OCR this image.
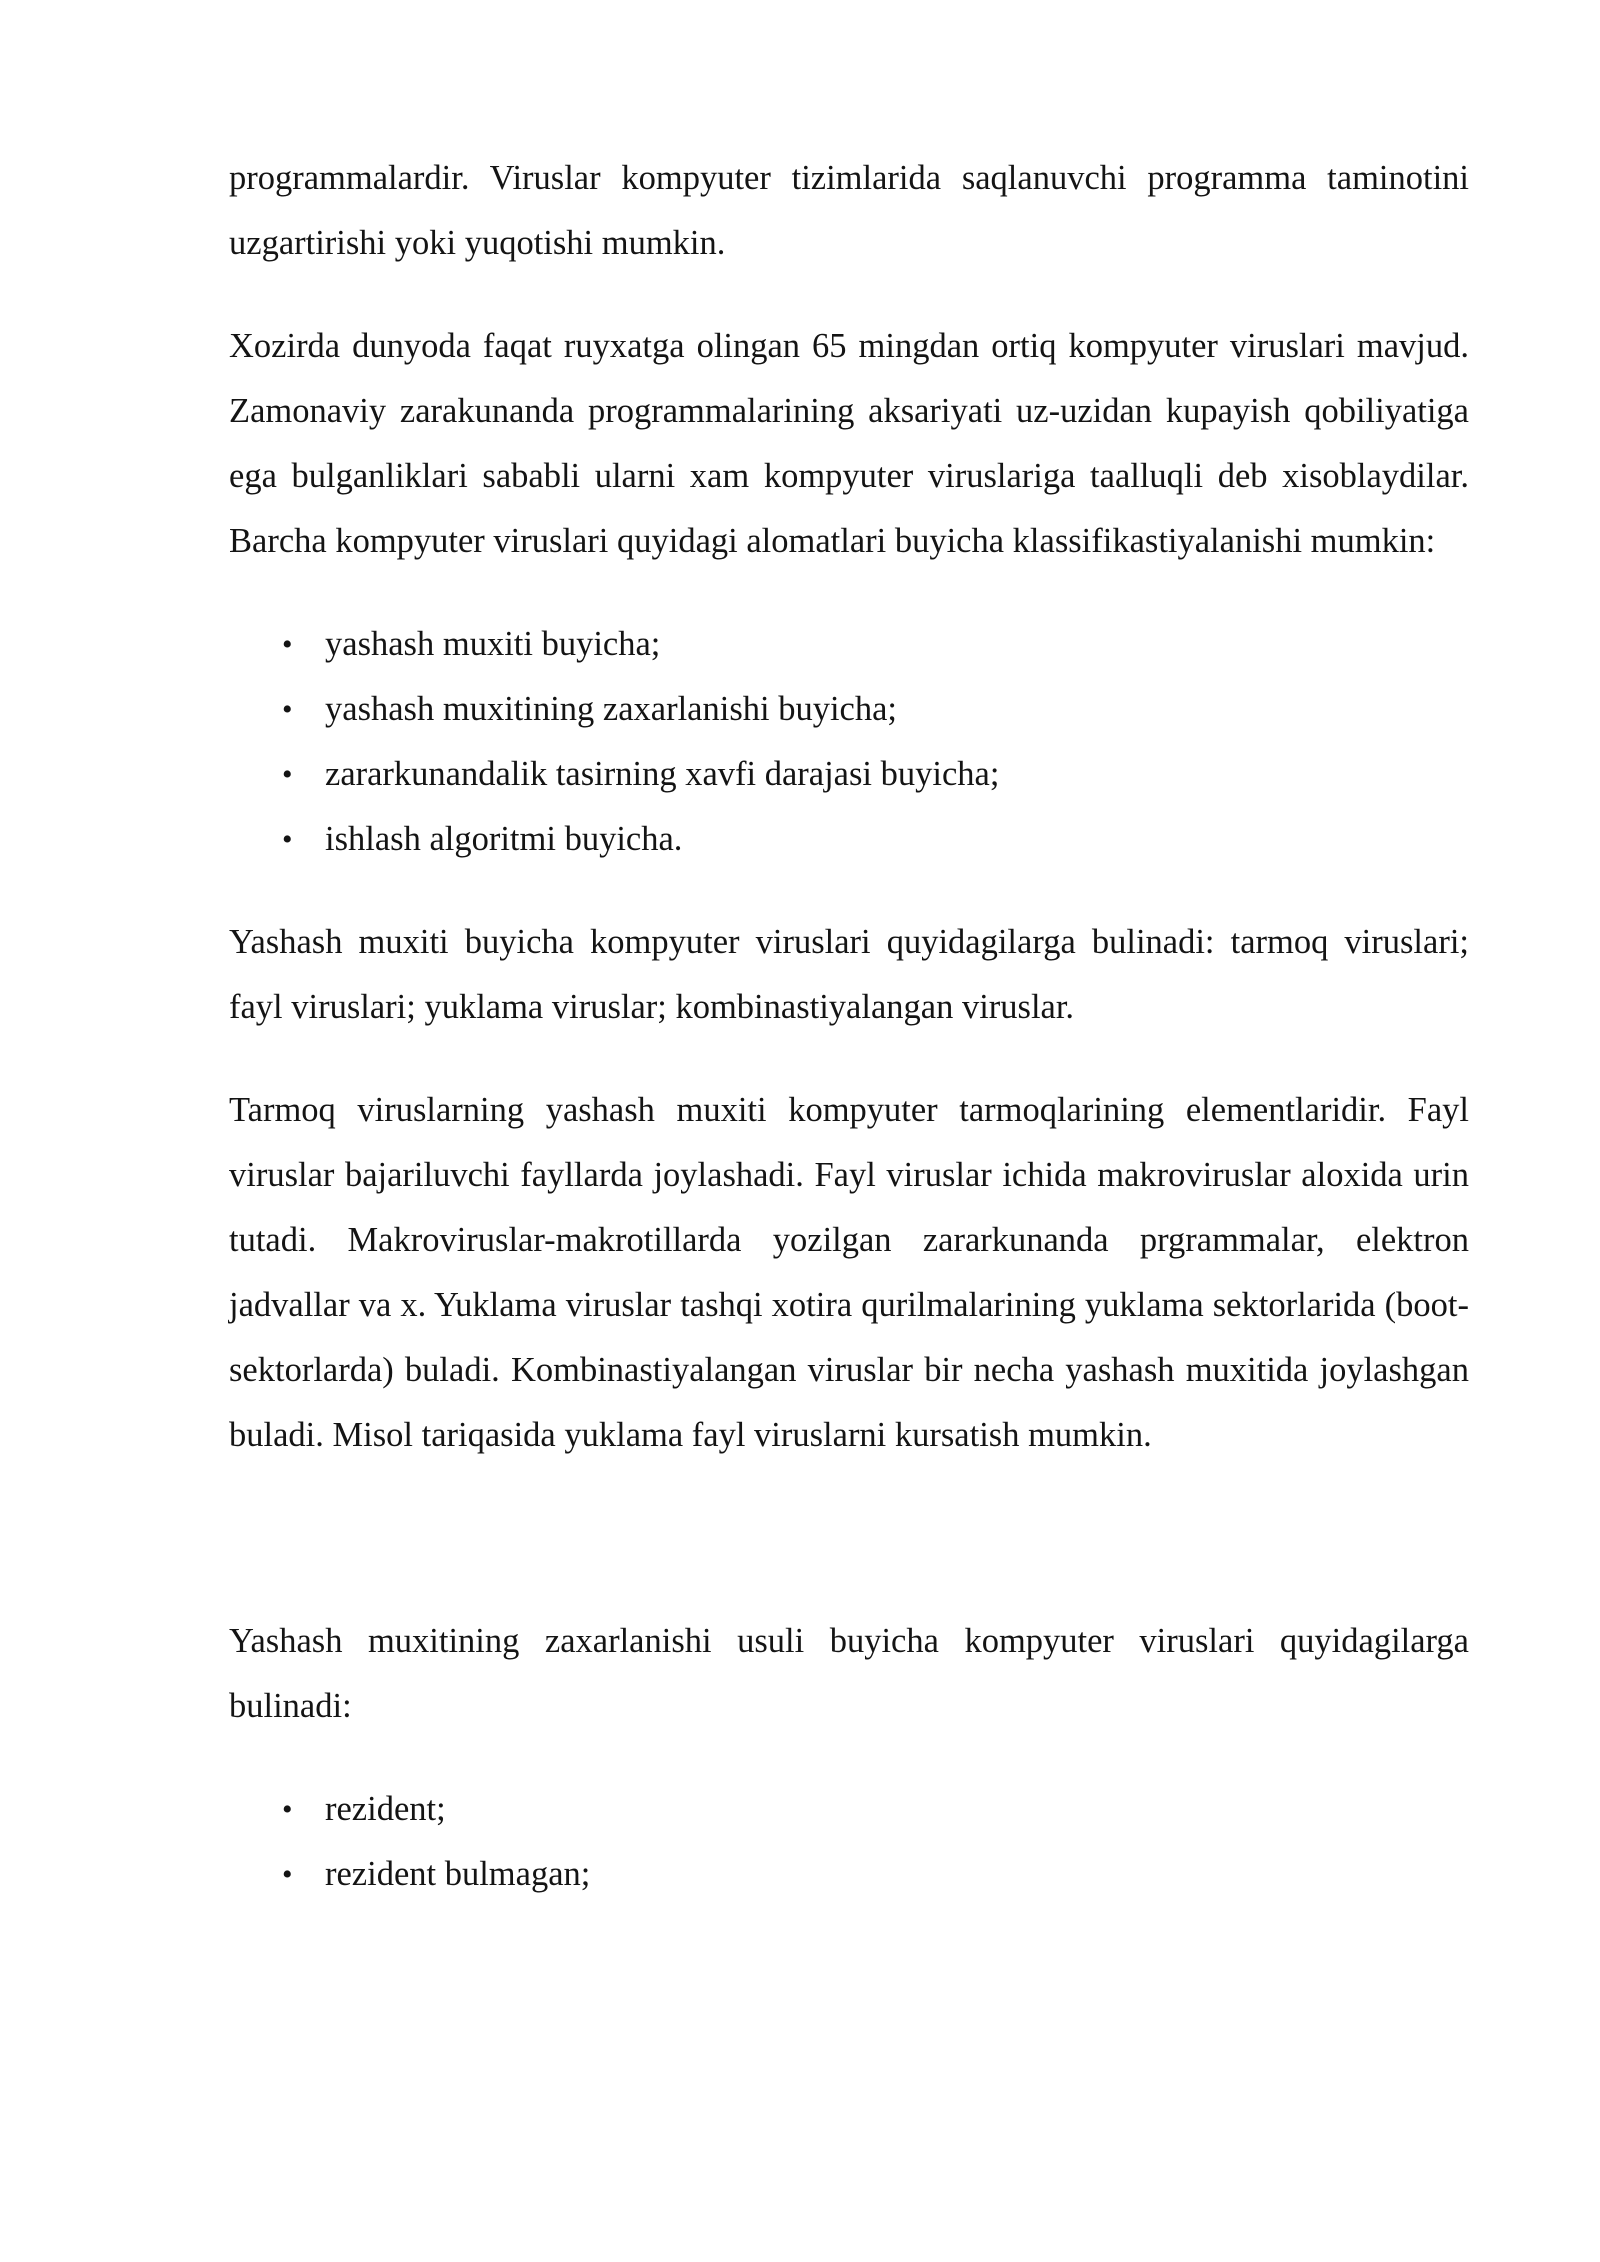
programmalardir. Viruslar kompyuter tizimlarida saqlanuvchi programma taminotini uzgartirishi yoki yuqotishi mumkin.

Xozirda dunyoda faqat ruyxatga olingan 65 mingdan ortiq kompyuter viruslari mavjud. Zamonaviy zarakunanda programmalarining aksariyati uz-uzidan kupayish qobiliyatiga ega bulganliklari sababli ularni xam kompyuter viruslariga taalluqli deb xisoblaydilar. Barcha kompyuter viruslari quyidagi alomatlari buyicha klassifikastiyalanishi mumkin:

• yashash muxiti buyicha;
• yashash muxitining zaxarlanishi buyicha;
• zararkunandalik tasirning xavfi darajasi buyicha;
• ishlash algoritmi buyicha.

Yashash muxiti buyicha kompyuter viruslari quyidagilarga bulinadi: tarmoq viruslari; fayl viruslari; yuklama viruslar; kombinastiyalangan viruslar.

Tarmoq viruslarning yashash muxiti kompyuter tarmoqlarining elementlaridir. Fayl viruslar bajariluvchi fayllarda joylashadi. Fayl viruslar ichida makroviruslar aloxida urin tutadi. Makroviruslar-makrotillarda yozilgan zararkunanda prgrammalar, elektron jadvallar va x. Yuklama viruslar tashqi xotira qurilmalarining yuklama sektorlarida (boot-sektorlarda) buladi. Kombinastiyalangan viruslar bir necha yashash muxitida joylashgan buladi. Misol tariqasida yuklama fayl viruslarni kursatish mumkin.

Yashash muxitining zaxarlanishi usuli buyicha kompyuter viruslari quyidagilarga bulinadi:

• rezident;
• rezident bulmagan;
